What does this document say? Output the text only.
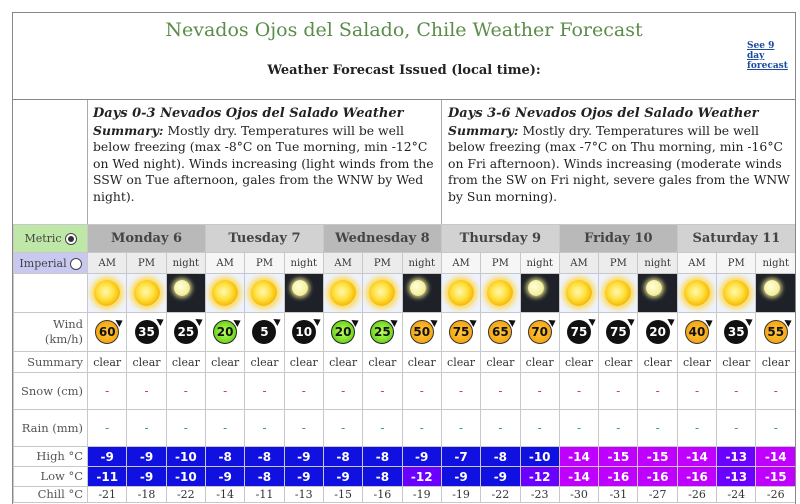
Nevados Ojos del Salado, Chile Weather Forecast
Weather Forecast Issued (local time):
See 9 day forecast
Days 0-3 Nevados Ojos del Salado Weather
Summary: Mostly dry. Temperatures will be well below freezing (max -8°C on Tue morning, min -12°C on Wed night). Winds increasing (light winds from the SSW on Tue afternoon, gales from the WNW by Wed night).
Days 3-6 Nevados Ojos del Salado Weather
Summary: Mostly dry. Temperatures will be well below freezing (max -7°C on Thu morning, min -16°C on Fri afternoon). Winds increasing (moderate winds from the SW on Fri night, severe gales from the WNW by Sun morning).
Metric	Monday 6			Tuesday 7			Wednesday 8			Thursday 9			Friday 10			Saturday 11		
Imperial	AM	PM	night	AM	PM	night	AM	PM	night	AM	PM	night	AM	PM	night	AM	PM	night

Wind (km/h)	60	35	25	20	5	10	20	25	50	75	65	70	75	75	20	40	35	55
Summary	clear	clear	clear	clear	clear	clear	clear	clear	clear	clear	clear	clear	clear	clear	clear	clear	clear	clear
Snow (cm)	-	-	-	-	-	-	-	-	-	-	-	-	-	-	-	-	-	-
Rain (mm)	-	-	-	-	-	-	-	-	-	-	-	-	-	-	-	-	-	-
High °C	-9	-9	-10	-8	-8	-9	-8	-8	-9	-7	-8	-10	-14	-15	-15	-14	-13	-14
Low °C	-11	-9	-10	-9	-8	-9	-9	-8	-12	-9	-9	-12	-14	-16	-16	-16	-13	-15
Chill °C	-21	-18	-22	-14	-11	-13	-15	-16	-19	-19	-22	-23	-30	-31	-27	-26	-24	-26
